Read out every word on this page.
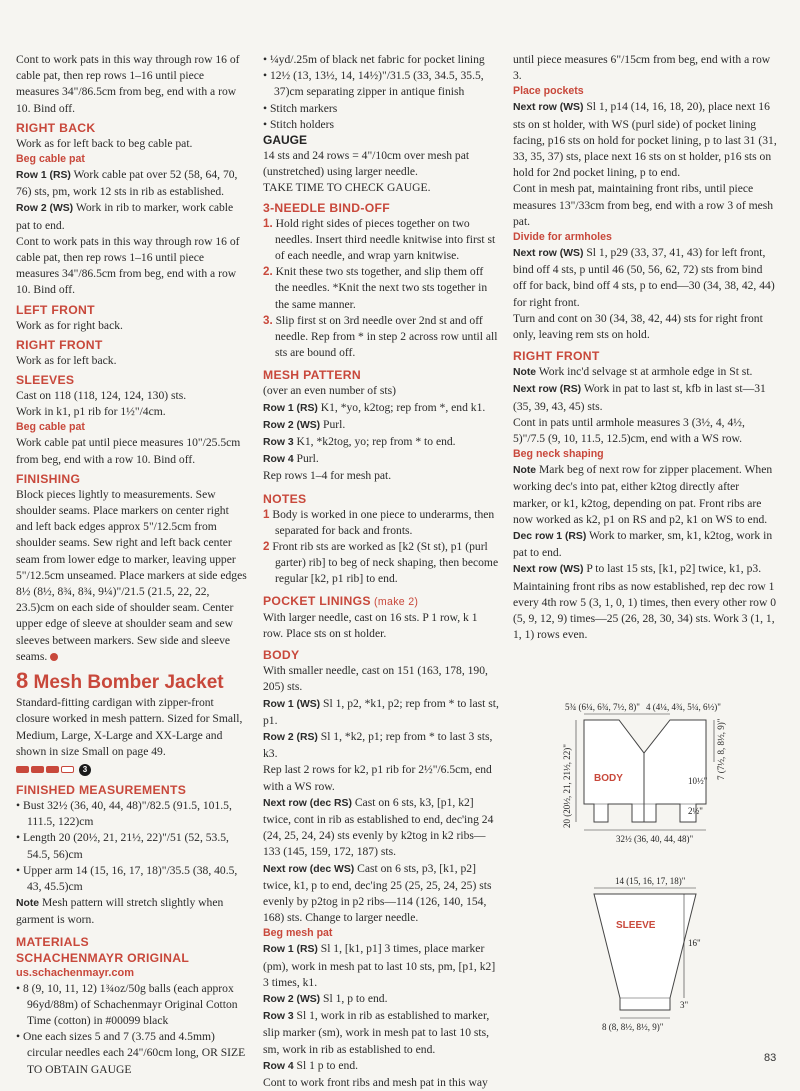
Cont to work pats in this way through row 16 of cable pat, then rep rows 1–16 until piece measures 34"/86.5cm from beg, end with a row 10. Bind off.

RIGHT BACK

Work as for left back to beg cable pat.

Beg cable pat

Row 1 (RS) Work cable pat over 52 (58, 64, 70, 76) sts, pm, work 12 sts in rib as established.

Row 2 (WS) Work in rib to marker, work cable pat to end.

Cont to work pats in this way through row 16 of cable pat, then rep rows 1–16 until piece measures 34"/86.5cm from beg, end with a row 10. Bind off.

LEFT FRONT

Work as for right back.

RIGHT FRONT

Work as for left back.

SLEEVES

Cast on 118 (118, 124, 124, 130) sts.

Work in k1, p1 rib for 1½"/4cm.

Beg cable pat

Work cable pat until piece measures 10"/25.5cm from beg, end with a row 10. Bind off.

FINISHING

Block pieces lightly to measurements. Sew shoulder seams. Place markers on center right and left back edges approx 5"/12.5cm from shoulder seams. Sew right and left back center seam from lower edge to marker, leaving upper 5"/12.5cm unseamed. Place markers at side edges 8½ (8½, 8¾, 8¾, 9¼)"/21.5 (21.5, 22, 22, 23.5)cm on each side of shoulder seam. Center upper edge of sleeve at shoulder seam and sew sleeves between markers. Sew side and sleeve seams.

8 Mesh Bomber Jacket

Standard-fitting cardigan with zipper-front closure worked in mesh pattern. Sized for Small, Medium, Large, X-Large and XX-Large and shown in size Small on page 49.

3
FINISHED MEASUREMENTS

• Bust 32½ (36, 40, 44, 48)"/82.5 (91.5, 101.5, 111.5, 122)cm

• Length 20 (20½, 21, 21½, 22)"/51 (52, 53.5, 54.5, 56)cm

• Upper arm 14 (15, 16, 17, 18)"/35.5 (38, 40.5, 43, 45.5)cm

Note Mesh pattern will stretch slightly when garment is worn.

MATERIALS
SCHACHENMAYR ORIGINAL
us.schachenmayr.com

• 8 (9, 10, 11, 12) 1¾oz/50g balls (each approx 96yd/88m) of Schachenmayr Original Cotton Time (cotton) in #00099 black

• One each sizes 5 and 7 (3.75 and 4.5mm) circular needles each 24"/60cm long, OR SIZE TO OBTAIN GAUGE

• ¼yd/.25m of black net fabric for pocket lining

• 12½ (13, 13½, 14, 14½)"/31.5 (33, 34.5, 35.5, 37)cm separating zipper in antique finish

• Stitch markers

• Stitch holders

GAUGE

14 sts and 24 rows = 4"/10cm over mesh pat (unstretched) using larger needle.

TAKE TIME TO CHECK GAUGE.

3-NEEDLE BIND-OFF

1. Hold right sides of pieces together on two needles. Insert third needle knitwise into first st of each needle, and wrap yarn knitwise.

2. Knit these two sts together, and slip them off the needles. *Knit the next two sts together in the same manner.

3. Slip first st on 3rd needle over 2nd st and off needle. Rep from * in step 2 across row until all sts are bound off.

MESH PATTERN

(over an even number of sts)

Row 1 (RS) K1, *yo, k2tog; rep from *, end k1.

Row 2 (WS) Purl.

Row 3 K1, *k2tog, yo; rep from * to end.

Row 4 Purl.

Rep rows 1–4 for mesh pat.

NOTES

1 Body is worked in one piece to underarms, then separated for back and fronts.

2 Front rib sts are worked as [k2 (St st), p1 (purl garter) rib] to beg of neck shaping, then become regular [k2, p1 rib] to end.

POCKET LININGS (make 2)

With larger needle, cast on 16 sts. P 1 row, k 1 row. Place sts on st holder.

BODY

With smaller needle, cast on 151 (163, 178, 190, 205) sts.

Row 1 (WS) Sl 1, p2, *k1, p2; rep from * to last st, p1.

Row 2 (RS) Sl 1, *k2, p1; rep from * to last 3 sts, k3.

Rep last 2 rows for k2, p1 rib for 2½"/6.5cm, end with a WS row.

Next row (dec RS) Cast on 6 sts, k3, [p1, k2] twice, cont in rib as established to end, dec'ing 24 (24, 25, 24, 24) sts evenly by k2tog in k2 ribs—133 (145, 159, 172, 187) sts.

Next row (dec WS) Cast on 6 sts, p3, [k1, p2] twice, k1, p to end, dec'ing 25 (25, 25, 24, 25) sts evenly by p2tog in p2 ribs—114 (126, 140, 154, 168) sts. Change to larger needle.

Beg mesh pat

Row 1 (RS) Sl 1, [k1, p1] 3 times, place marker (pm), work in mesh pat to last 10 sts, pm, [p1, k2] 3 times, k1.

Row 2 (WS) Sl 1, p to end.

Row 3 Sl 1, work in rib as established to marker, slip marker (sm), work in mesh pat to last 10 sts, sm, work in rib as established to end.

Row 4 Sl 1 p to end.

Cont to work front ribs and mesh pat in this way

until piece measures 6"/15cm from beg, end with a row 3.

Place pockets

Next row (WS) Sl 1, p14 (14, 16, 18, 20), place next 16 sts on st holder, with WS (purl side) of pocket lining facing, p16 sts on hold for pocket lining, p to last 31 (31, 33, 35, 37) sts, place next 16 sts on st holder, p16 sts on hold for 2nd pocket lining, p to end.

Cont in mesh pat, maintaining front ribs, until piece measures 13"/33cm from beg, end with a row 3 of mesh pat.

Divide for armholes

Next row (WS) Sl 1, p29 (33, 37, 41, 43) for left front, bind off 4 sts, p until 46 (50, 56, 62, 72) sts from bind off for back, bind off 4 sts, p to end—30 (34, 38, 42, 44) for right front.

Turn and cont on 30 (34, 38, 42, 44) sts for right front only, leaving rem sts on hold.

RIGHT FRONT

Note Work inc'd selvage st at armhole edge in St st.

Next row (RS) Work in pat to last st, kfb in last st—31 (35, 39, 43, 45) sts.

Cont in pats until armhole measures 3 (3½, 4, 4½, 5)"/7.5 (9, 10, 11.5, 12.5)cm, end with a WS row.

Beg neck shaping

Note Mark beg of next row for zipper placement. When working dec's into pat, either k2tog directly after marker, or k1, k2tog, depending on pat. Front ribs are now worked as k2, p1 on RS and p2, k1 on WS to end.

Dec row 1 (RS) Work to marker, sm, k1, k2tog, work in pat to end.

Next row (WS) P to last 15 sts, [k1, p2] twice, k1, p3.

Maintaining front ribs as now established, rep dec row 1 every 4th row 5 (3, 1, 0, 1) times, then every other row 0 (5, 9, 12, 9) times—25 (26, 28, 30, 34) sts. Work 3 (1, 1, 1, 1) rows even.

5¾ (6¼, 6¾, 7½, 8)" 4 (4¼, 4¾, 5¼, 6½)"
BODY
20 (20½, 21, 21½, 22)"	7 (7½, 8, 8½, 9)"
10½"
2½"
32½ (36, 40, 44, 48)"
14 (15, 16, 17, 18)"
SLEEVE
16"
3"
8 (8, 8½, 8½, 9)"
83
